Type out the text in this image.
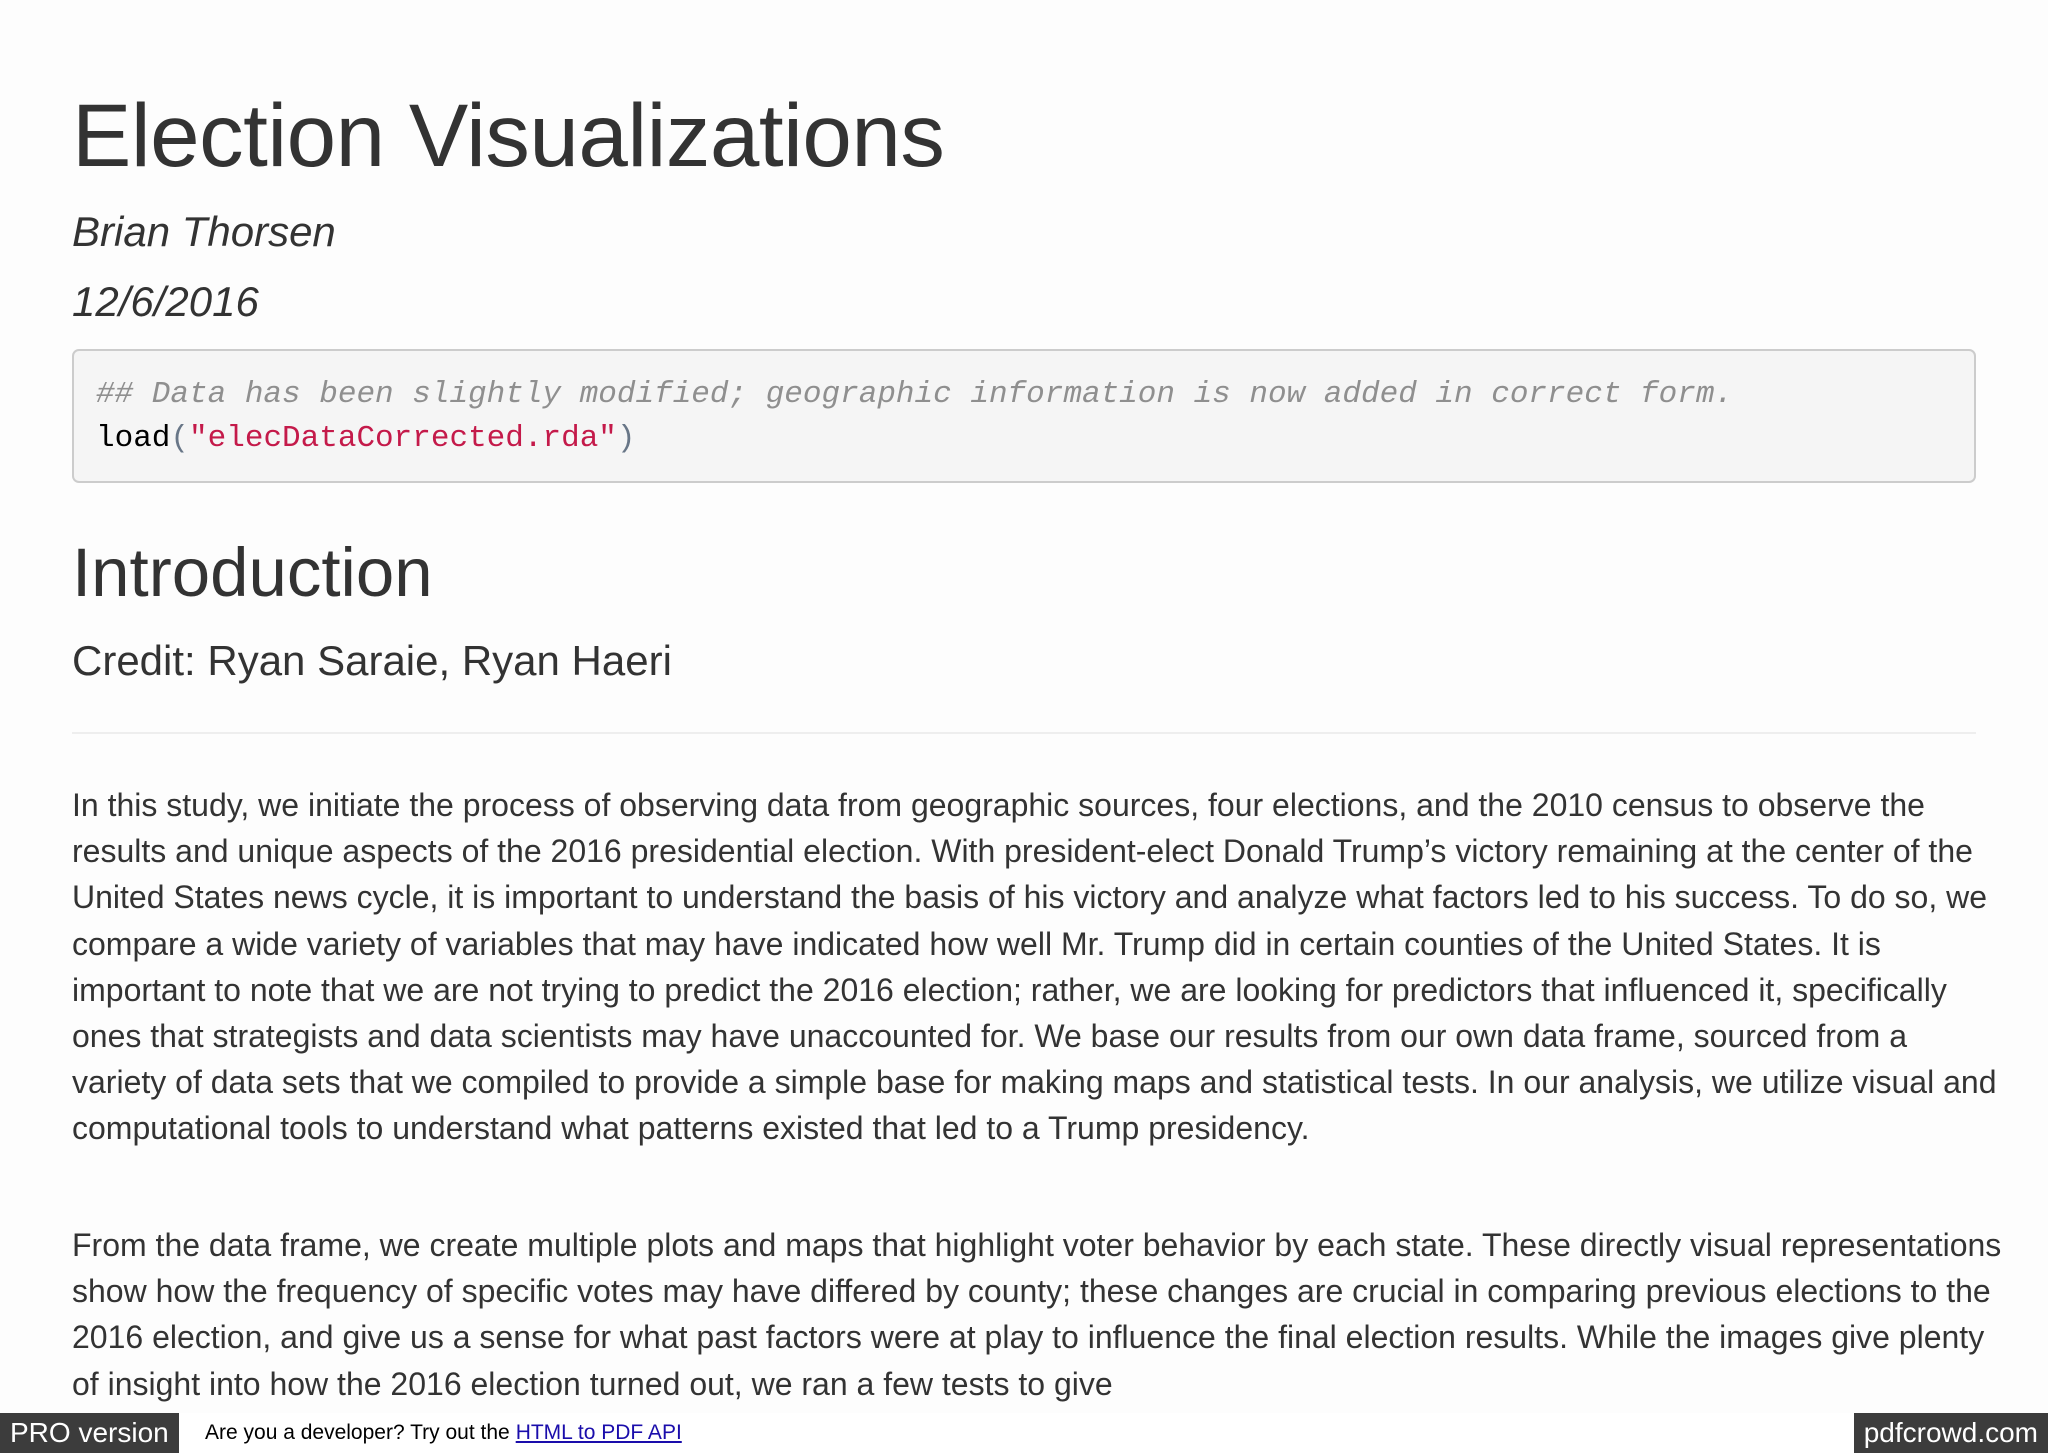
Election Visualizations
Brian Thorsen
12/6/2016
## Data has been slightly modified; geographic information is now added in correct form.
load("elecDataCorrected.rda")
Introduction
Credit: Ryan Saraie, Ryan Haeri

In this study, we initiate the process of observing data from geographic sources, four elections, and the 2010 census to observe the results and unique aspects of the 2016 presidential election. With president-elect Donald Trump’s victory remaining at the center of the United States news cycle, it is important to understand the basis of his victory and analyze what factors led to his success. To do so, we compare a wide variety of variables that may have indicated how well Mr. Trump did in certain counties of the United States. It is important to note that we are not trying to predict the 2016 election; rather, we are looking for predictors that influenced it, specifically ones that strategists and data scientists may have unaccounted for. We base our results from our own data frame, sourced from a variety of data sets that we compiled to provide a simple base for making maps and statistical tests. In our analysis, we utilize visual and computational tools to understand what patterns existed that led to a Trump presidency.

From the data frame, we create multiple plots and maps that highlight voter behavior by each state. These directly visual representations show how the frequency of specific votes may have differed by county; these changes are crucial in comparing previous elections to the 2016 election, and give us a sense for what past factors were at play to influence the final election results. While the images give plenty of insight into how the 2016 election turned out, we ran a few tests to give

PRO version	Are you a developer? Try out the HTML to PDF API	pdfcrowd.com
